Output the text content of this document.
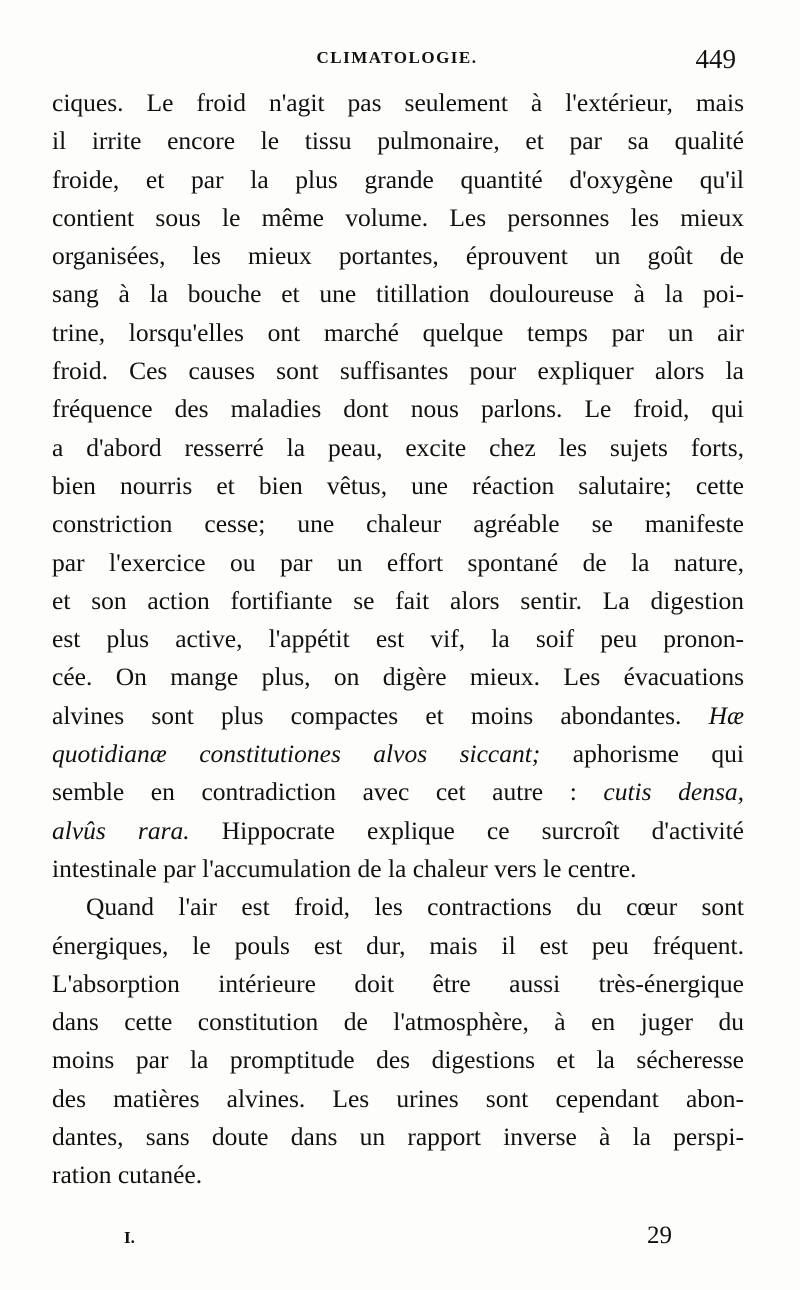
CLIMATOLOGIE.	449
ciques. Le froid n'agit pas seulement à l'extérieur, mais
il irrite encore le tissu pulmonaire, et par sa qualité
froide, et par la plus grande quantité d'oxygène qu'il
contient sous le même volume. Les personnes les mieux
organisées, les mieux portantes, éprouvent un goût de
sang à la bouche et une titillation douloureuse à la poi-
trine, lorsqu'elles ont marché quelque temps par un air
froid. Ces causes sont suffisantes pour expliquer alors la
fréquence des maladies dont nous parlons. Le froid, qui
a d'abord resserré la peau, excite chez les sujets forts,
bien nourris et bien vêtus, une réaction salutaire; cette
constriction cesse; une chaleur agréable se manifeste
par l'exercice ou par un effort spontané de la nature,
et son action fortifiante se fait alors sentir. La digestion
est plus active, l'appétit est vif, la soif peu pronon-
cée. On mange plus, on digère mieux. Les évacuations
alvines sont plus compactes et moins abondantes. Hæ
quotidianæ constitutiones alvos siccant; aphorisme qui
semble en contradiction avec cet autre : cutis densa,
alvûs rara. Hippocrate explique ce surcroît d'activité
intestinale par l'accumulation de la chaleur vers le centre.
Quand l'air est froid, les contractions du cœur sont
énergiques, le pouls est dur, mais il est peu fréquent.
L'absorption intérieure doit être aussi très-énergique
dans cette constitution de l'atmosphère, à en juger du
moins par la promptitude des digestions et la sécheresse
des matières alvines. Les urines sont cependant abon-
dantes, sans doute dans un rapport inverse à la perspi-
ration cutanée.
I.	29
